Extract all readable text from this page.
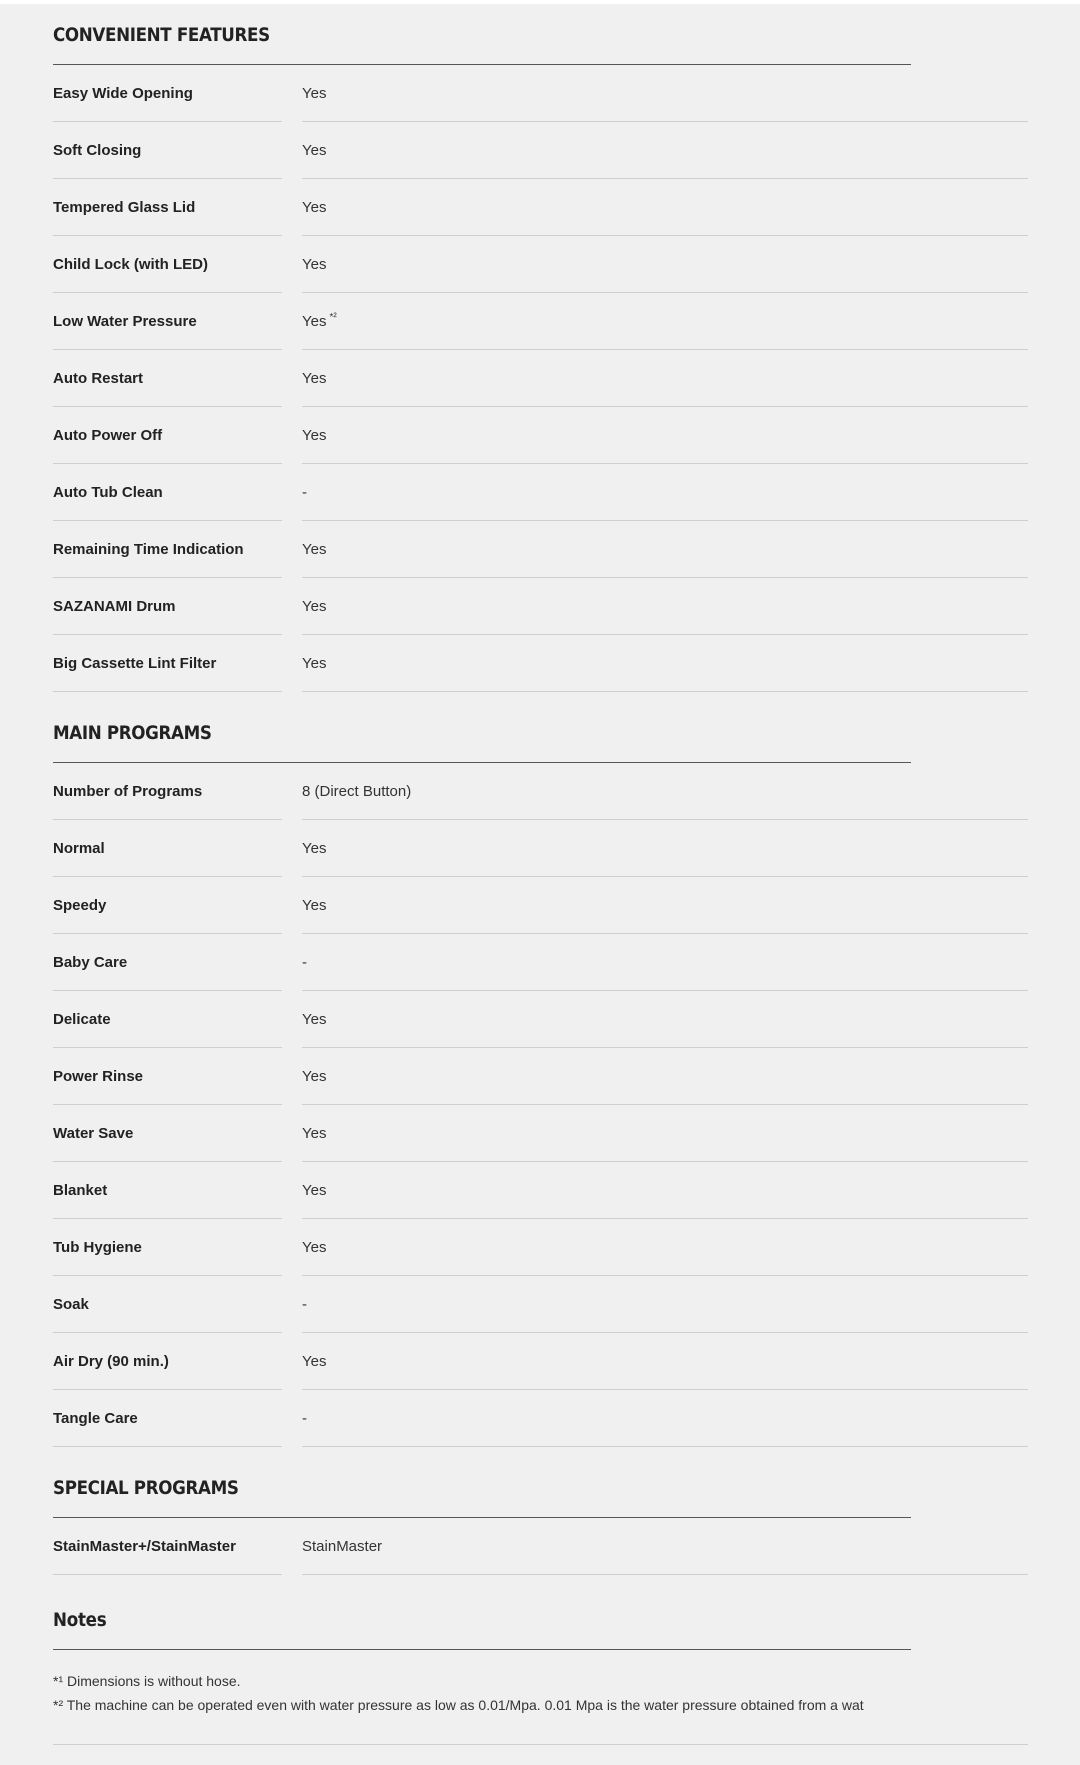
CONVENIENT FEATURES
Easy Wide Opening	Yes
Soft Closing	Yes
Tempered Glass Lid	Yes
Child Lock (with LED)	Yes
Low Water Pressure	Yes $^{*^2}$
Auto Restart	Yes
Auto Power Off	Yes
Auto Tub Clean	-
Remaining Time Indication	Yes
SAZANAMI Drum	Yes
Big Cassette Lint Filter	Yes
MAIN PROGRAMS
Number of Programs	8 (Direct Button)
Normal	Yes
Speedy	Yes
Baby Care	-
Delicate	Yes
Power Rinse	Yes
Water Save	Yes
Blanket	Yes
Tub Hygiene	Yes
Soak	-
Air Dry (90 min.)	Yes
Tangle Care	-
SPECIAL PROGRAMS
StainMaster+/StainMaster	StainMaster
Notes
*¹ Dimensions is without hose.
*² The machine can be operated even with water pressure as low as 0.01/Mpa. 0.01 Mpa is the water pressure obtained from a wat
